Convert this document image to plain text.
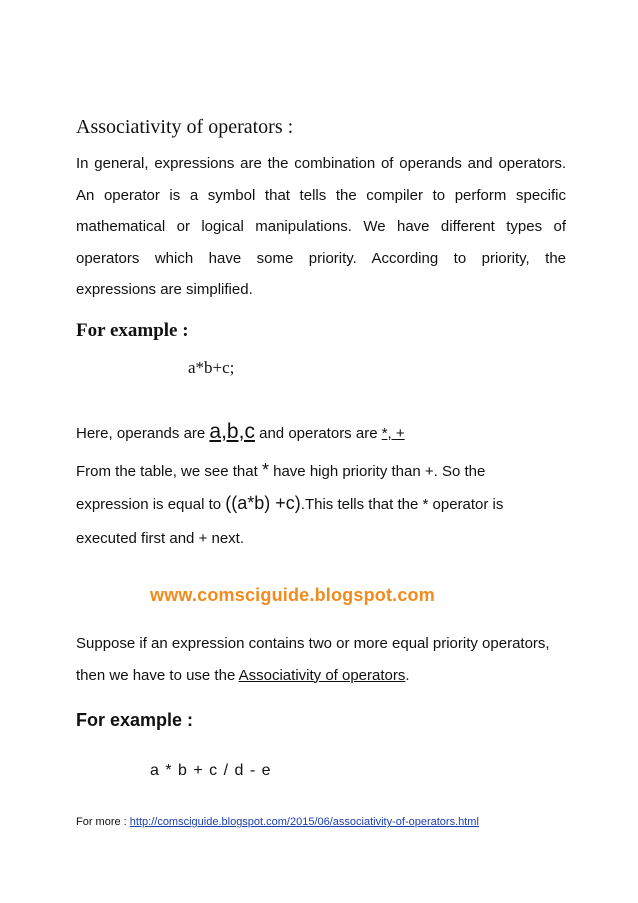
Associativity of operators :
In general, expressions are the combination of operands and operators.
An operator is a symbol that tells the compiler to perform specific
mathematical or logical manipulations. We have different types of
operators which have some priority. According to priority, the
expressions are simplified.
For example :
a*b+c;
Here, operands are a,b,c and operators are *, +
From the table, we see that * have high priority than +. So the
expression is equal to ((a*b) +c).This tells that the * operator is
executed first and + next.
www.comsciguide.blogspot.com
Suppose if an expression contains two or more equal priority operators,
then we have to use the Associativity of operators.
For example :
a * b + c / d - e
For more : http://comsciguide.blogspot.com/2015/06/associativity-of-operators.html
